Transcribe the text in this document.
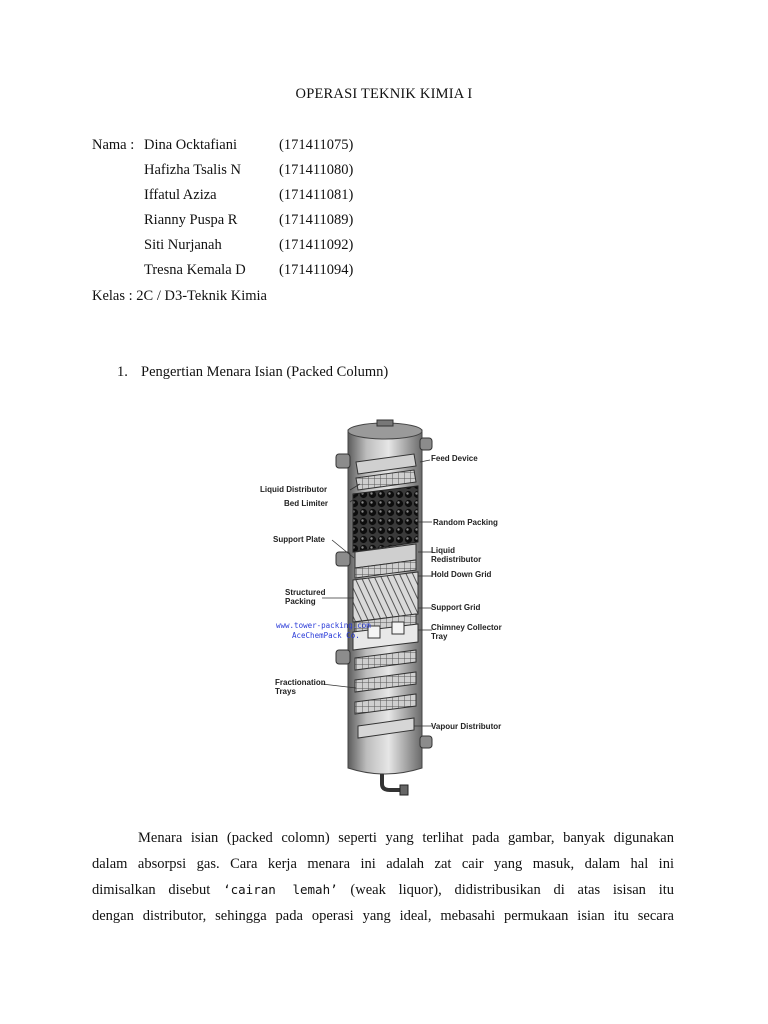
OPERASI TEKNIK KIMIA I
Nama : Dina Ocktafiani	(171411075)
Hafizha Tsalis N	(171411080)
Iffatul Aziza	(171411081)
Rianny Puspa R	(171411089)
Siti Nurjanah	(171411092)
Tresna Kemala D (171411094)
Kelas : 2C / D3-Teknik Kimia
1. Pengertian Menara Isian (Packed Column)
Feed Device
Liquid Distributor
Bed Limiter
Random Packing
Support Plate
Liquid
Redistributor
Hold Down Grid
Structured
Packing
Support Grid
Chimney Collector
Tray
www.tower-packing.com
AceChemPack Co.
Fractionation
Trays
Vapour Distributor

Menara isian (packed colomn) seperti yang terlihat pada gambar, banyak digunakan

dalam absorpsi gas. Cara kerja menara ini adalah zat cair yang masuk, dalam hal ini

dimisalkan disebut ‘cairan lemah’ (weak liquor), didistribusikan di atas isisan itu

dengan distributor, sehingga pada operasi yang ideal, mebasahi permukaan isian itu secara
